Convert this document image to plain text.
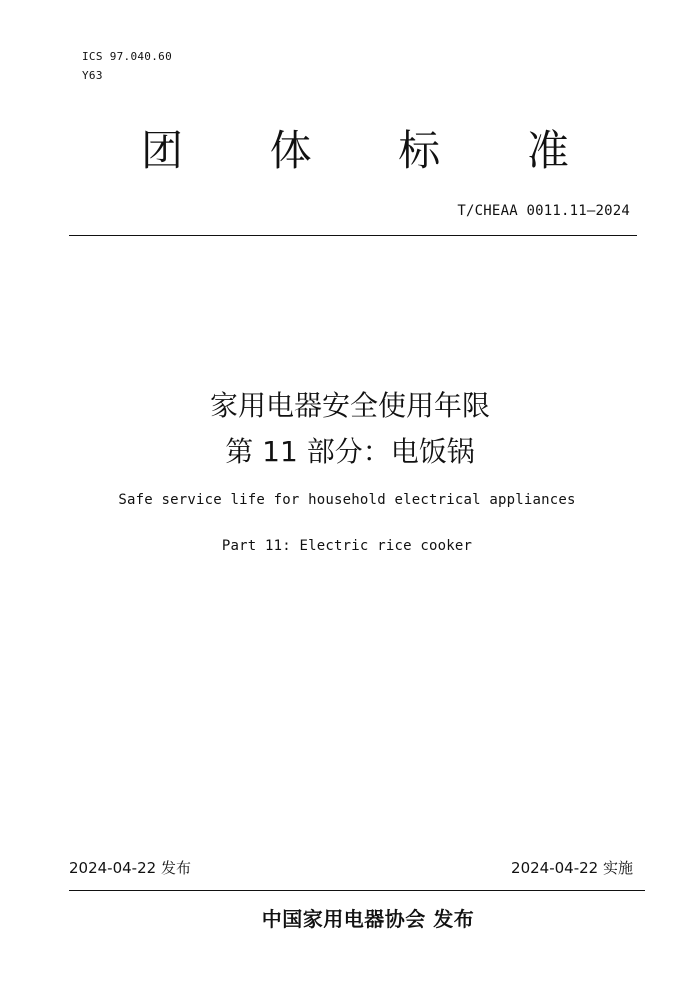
ICS 97.040.60
Y63
团 体 标 准
T/CHEAA 0011.11—2024
家用电器安全使用年限
第 11 部分：电饭锅
Safe service life for household electrical appliances
Part 11: Electric rice cooker
2024-04-22 发布	2024-04-22 实施
中国家用电器协会 发布
